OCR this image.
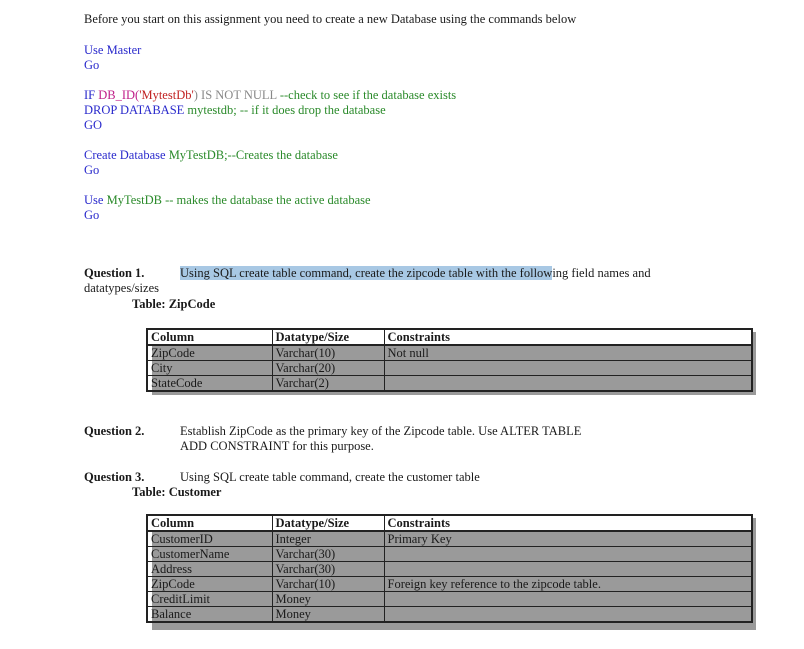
Before you start on this assignment you need to create a new Database using the commands below
Use Master
Go
IF DB_ID('MytestDb') IS NOT NULL --check to see if the database exists
DROP DATABASE mytestdb; -- if it does drop the database
GO
Create Database MyTestDB;--Creates the database
Go
Use MyTestDB -- makes the database the active database
Go
Question 1.	Using SQL create table command, create the zipcode table with the following field names and
datatypes/sizes
Table: ZipCode
Column	Datatype/Size	Constraints
ZipCode	Varchar(10)	Not null
City	Varchar(20)	
StateCode	Varchar(2)	
Question 2.	Establish ZipCode as the primary key of the Zipcode table. Use ALTER TABLE
ADD CONSTRAINT for this purpose.
Question 3.	Using SQL create table command, create the customer table
Table: Customer
Column	Datatype/Size	Constraints
CustomerID	Integer	Primary Key
CustomerName	Varchar(30)	
Address	Varchar(30)	
ZipCode	Varchar(10)	Foreign key reference to the zipcode table.
CreditLimit	Money	
Balance	Money	
